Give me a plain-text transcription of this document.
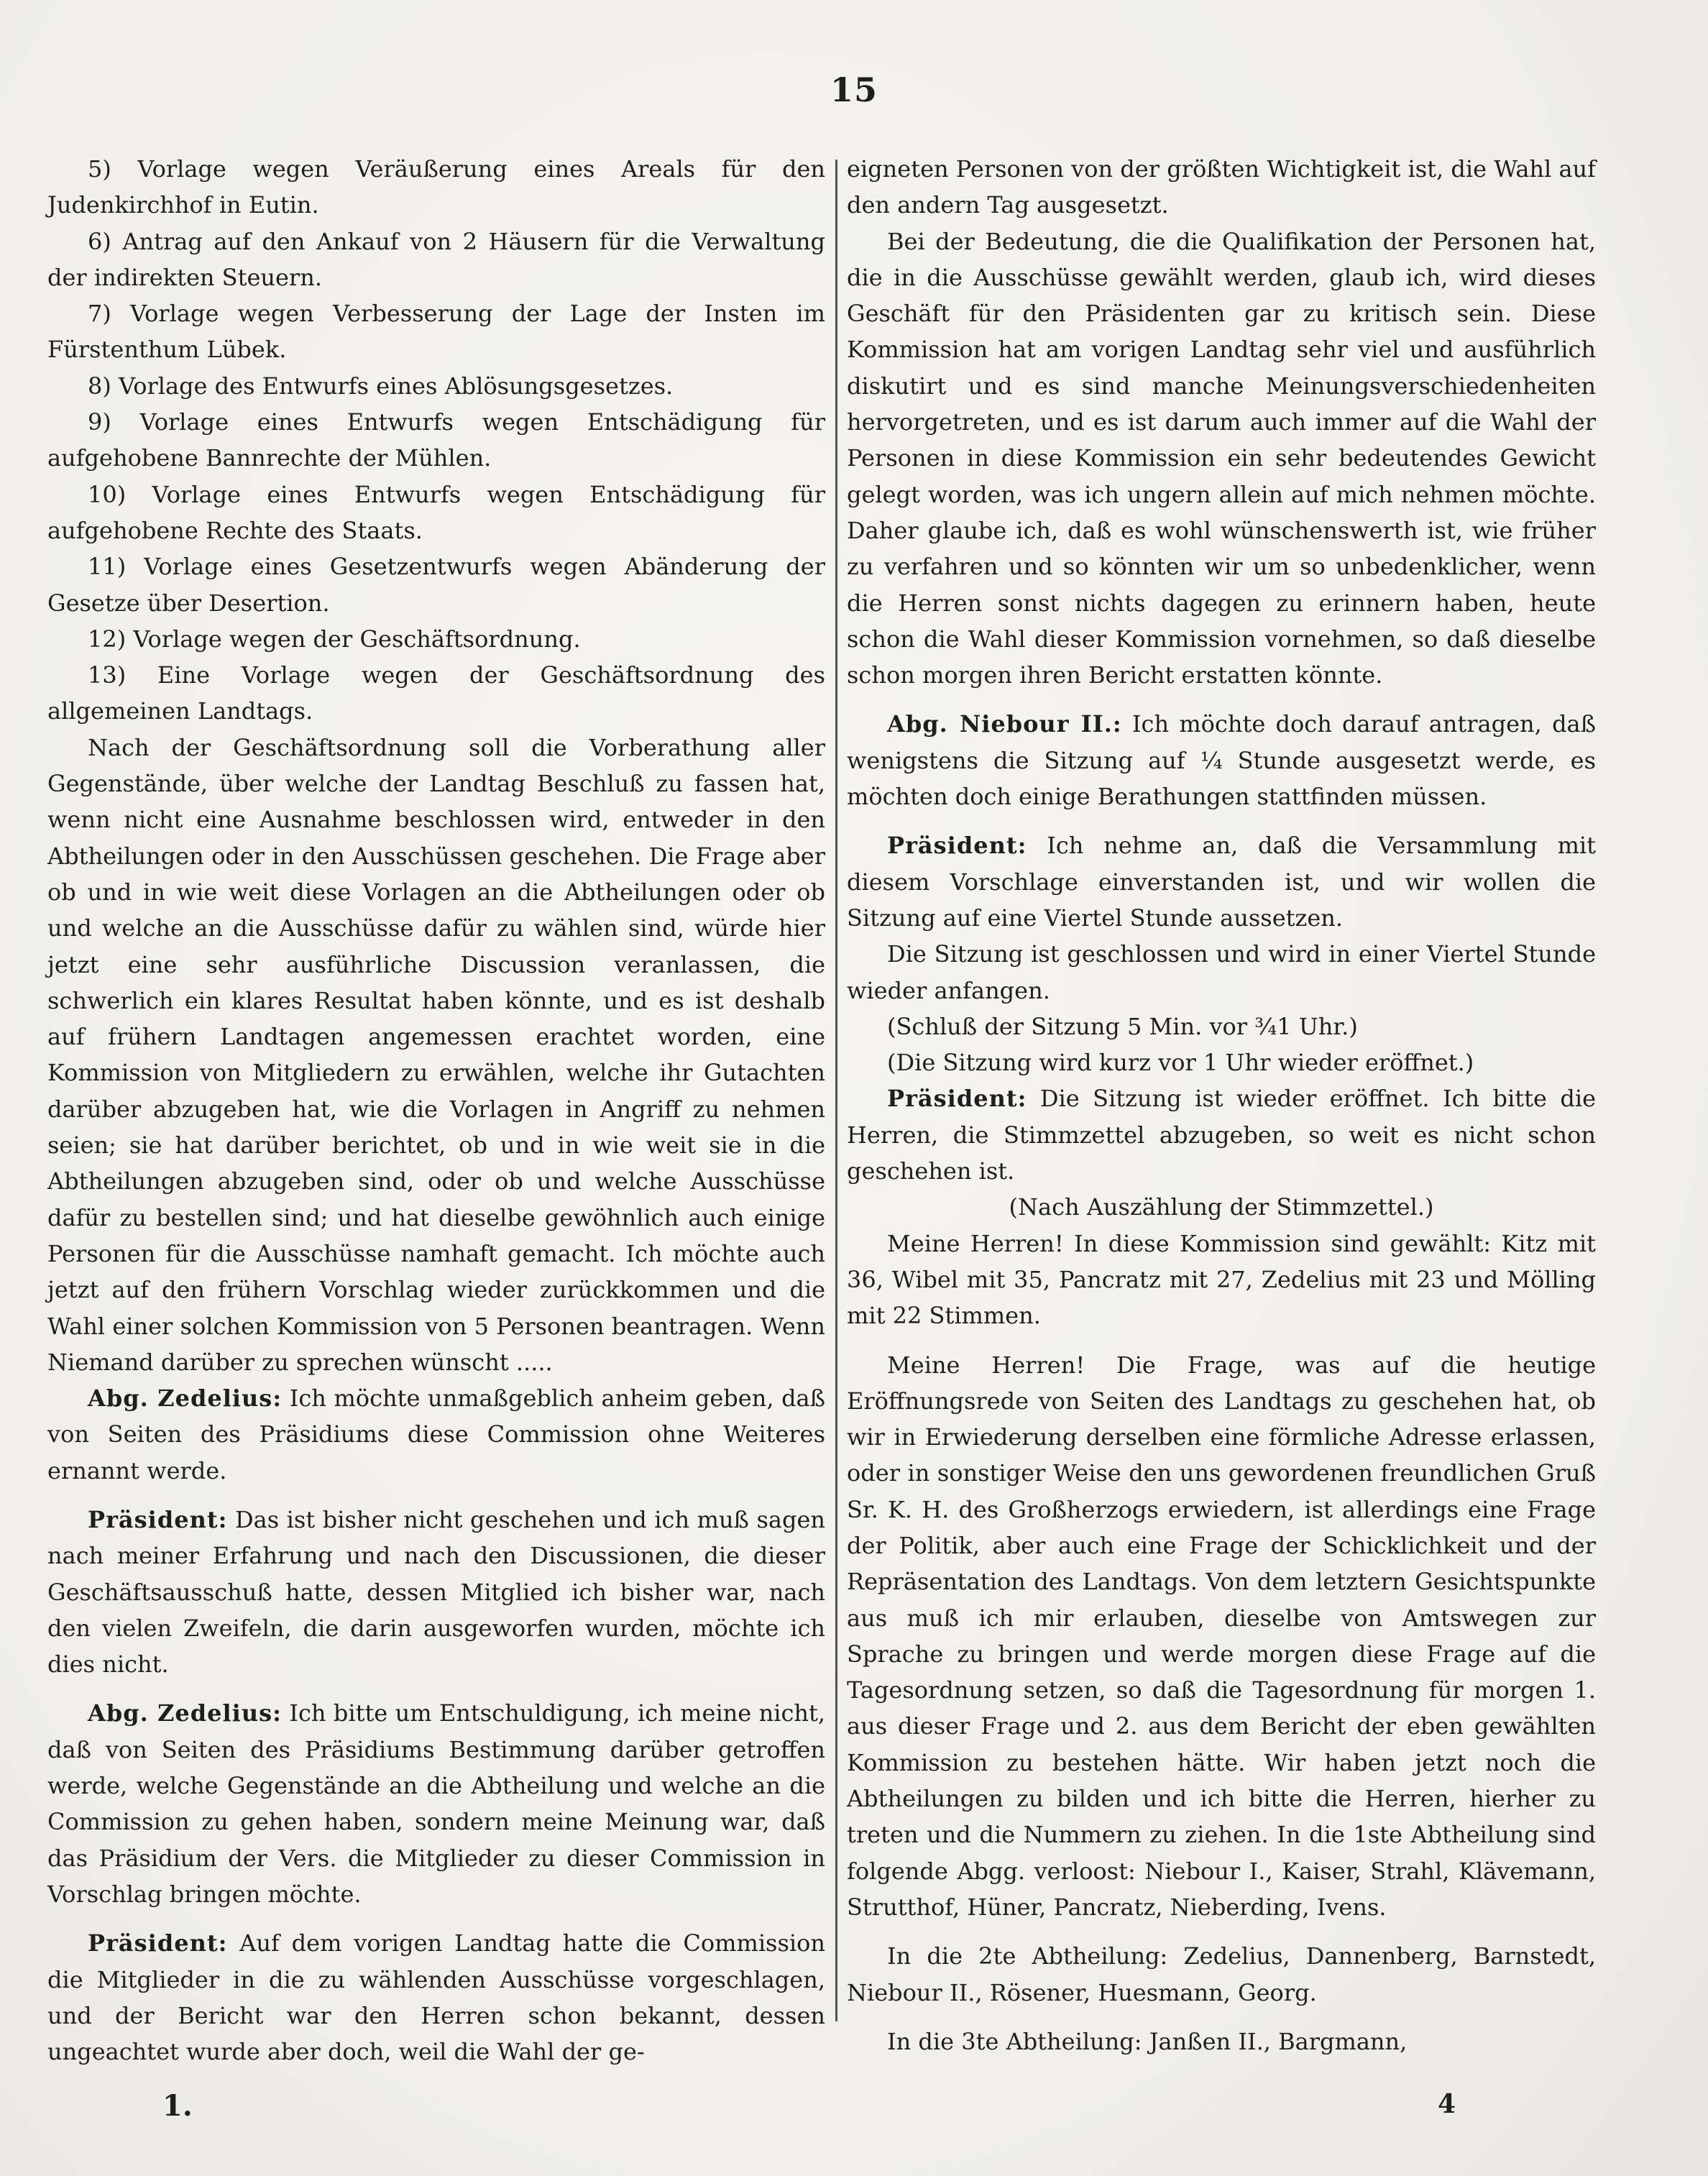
15

5) Vorlage wegen Veräußerung eines Areals für den Judenkirchhof in Eutin.

6) Antrag auf den Ankauf von 2 Häusern für die Verwaltung der indirekten Steuern.

7) Vorlage wegen Verbesserung der Lage der Insten im Fürstenthum Lübek.

8) Vorlage des Entwurfs eines Ablösungsgesetzes.

9) Vorlage eines Entwurfs wegen Entschädigung für aufgehobene Bannrechte der Mühlen.

10) Vorlage eines Entwurfs wegen Entschädigung für aufgehobene Rechte des Staats.

11) Vorlage eines Gesetzentwurfs wegen Abänderung der Gesetze über Desertion.

12) Vorlage wegen der Geschäftsordnung.

13) Eine Vorlage wegen der Geschäftsordnung des allgemeinen Landtags.

Nach der Geschäftsordnung soll die Vorberathung aller Gegenstände, über welche der Landtag Beschluß zu fassen hat, wenn nicht eine Ausnahme beschlossen wird, entweder in den Abtheilungen oder in den Ausschüssen geschehen. Die Frage aber ob und in wie weit diese Vorlagen an die Abtheilungen oder ob und welche an die Ausschüsse dafür zu wählen sind, würde hier jetzt eine sehr ausführliche Discussion veranlassen, die schwerlich ein klares Resultat haben könnte, und es ist deshalb auf frühern Landtagen angemessen erachtet worden, eine Kommission von Mitgliedern zu erwählen, welche ihr Gutachten darüber abzugeben hat, wie die Vorlagen in Angriff zu nehmen seien; sie hat darüber berichtet, ob und in wie weit sie in die Abtheilungen abzugeben sind, oder ob und welche Ausschüsse dafür zu bestellen sind; und hat dieselbe gewöhnlich auch einige Personen für die Ausschüsse namhaft gemacht. Ich möchte auch jetzt auf den frühern Vorschlag wieder zurückkommen und die Wahl einer solchen Kommission von 5 Personen beantragen. Wenn Niemand darüber zu sprechen wünscht .....

Abg. Zedelius: Ich möchte unmaßgeblich anheim geben, daß von Seiten des Präsidiums diese Commission ohne Weiteres ernannt werde.

Präsident: Das ist bisher nicht geschehen und ich muß sagen nach meiner Erfahrung und nach den Discussionen, die dieser Geschäftsausschuß hatte, dessen Mitglied ich bisher war, nach den vielen Zweifeln, die darin ausgeworfen wurden, möchte ich dies nicht.

Abg. Zedelius: Ich bitte um Entschuldigung, ich meine nicht, daß von Seiten des Präsidiums Bestimmung darüber getroffen werde, welche Gegenstände an die Abtheilung und welche an die Commission zu gehen haben, sondern meine Meinung war, daß das Präsidium der Vers. die Mitglieder zu dieser Commission in Vorschlag bringen möchte.

Präsident: Auf dem vorigen Landtag hatte die Commission die Mitglieder in die zu wählenden Ausschüsse vorgeschlagen, und der Bericht war den Herren schon bekannt, dessen ungeachtet wurde aber doch, weil die Wahl der ge-

eigneten Personen von der größten Wichtigkeit ist, die Wahl auf den andern Tag ausgesetzt.

Bei der Bedeutung, die die Qualifikation der Personen hat, die in die Ausschüsse gewählt werden, glaub ich, wird dieses Geschäft für den Präsidenten gar zu kritisch sein. Diese Kommission hat am vorigen Landtag sehr viel und ausführlich diskutirt und es sind manche Meinungsverschiedenheiten hervorgetreten, und es ist darum auch immer auf die Wahl der Personen in diese Kommission ein sehr bedeutendes Gewicht gelegt worden, was ich ungern allein auf mich nehmen möchte. Daher glaube ich, daß es wohl wünschenswerth ist, wie früher zu verfahren und so könnten wir um so unbedenklicher, wenn die Herren sonst nichts dagegen zu erinnern haben, heute schon die Wahl dieser Kommission vornehmen, so daß dieselbe schon morgen ihren Bericht erstatten könnte.

Abg. Niebour II.: Ich möchte doch darauf antragen, daß wenigstens die Sitzung auf ¼ Stunde ausgesetzt werde, es möchten doch einige Berathungen stattfinden müssen.

Präsident: Ich nehme an, daß die Versammlung mit diesem Vorschlage einverstanden ist, und wir wollen die Sitzung auf eine Viertel Stunde aussetzen.

Die Sitzung ist geschlossen und wird in einer Viertel Stunde wieder anfangen.

(Schluß der Sitzung 5 Min. vor ¾1 Uhr.)

(Die Sitzung wird kurz vor 1 Uhr wieder eröffnet.)

Präsident: Die Sitzung ist wieder eröffnet. Ich bitte die Herren, die Stimmzettel abzugeben, so weit es nicht schon geschehen ist.

(Nach Auszählung der Stimmzettel.)

Meine Herren! In diese Kommission sind gewählt: Kitz mit 36, Wibel mit 35, Pancratz mit 27, Zedelius mit 23 und Mölling mit 22 Stimmen.

Meine Herren! Die Frage, was auf die heutige Eröffnungsrede von Seiten des Landtags zu geschehen hat, ob wir in Erwiederung derselben eine förmliche Adresse erlassen, oder in sonstiger Weise den uns gewordenen freundlichen Gruß Sr. K. H. des Großherzogs erwiedern, ist allerdings eine Frage der Politik, aber auch eine Frage der Schicklichkeit und der Repräsentation des Landtags. Von dem letztern Gesichtspunkte aus muß ich mir erlauben, dieselbe von Amtswegen zur Sprache zu bringen und werde morgen diese Frage auf die Tagesordnung setzen, so daß die Tagesordnung für morgen 1. aus dieser Frage und 2. aus dem Bericht der eben gewählten Kommission zu bestehen hätte. Wir haben jetzt noch die Abtheilungen zu bilden und ich bitte die Herren, hierher zu treten und die Nummern zu ziehen. In die 1ste Abtheilung sind folgende Abgg. verloost: Niebour I., Kaiser, Strahl, Klävemann, Strutthof, Hüner, Pancratz, Nieberding, Ivens.

In die 2te Abtheilung: Zedelius, Dannenberg, Barnstedt, Niebour II., Rösener, Huesmann, Georg.

In die 3te Abtheilung: Janßen II., Bargmann,

1.	4
